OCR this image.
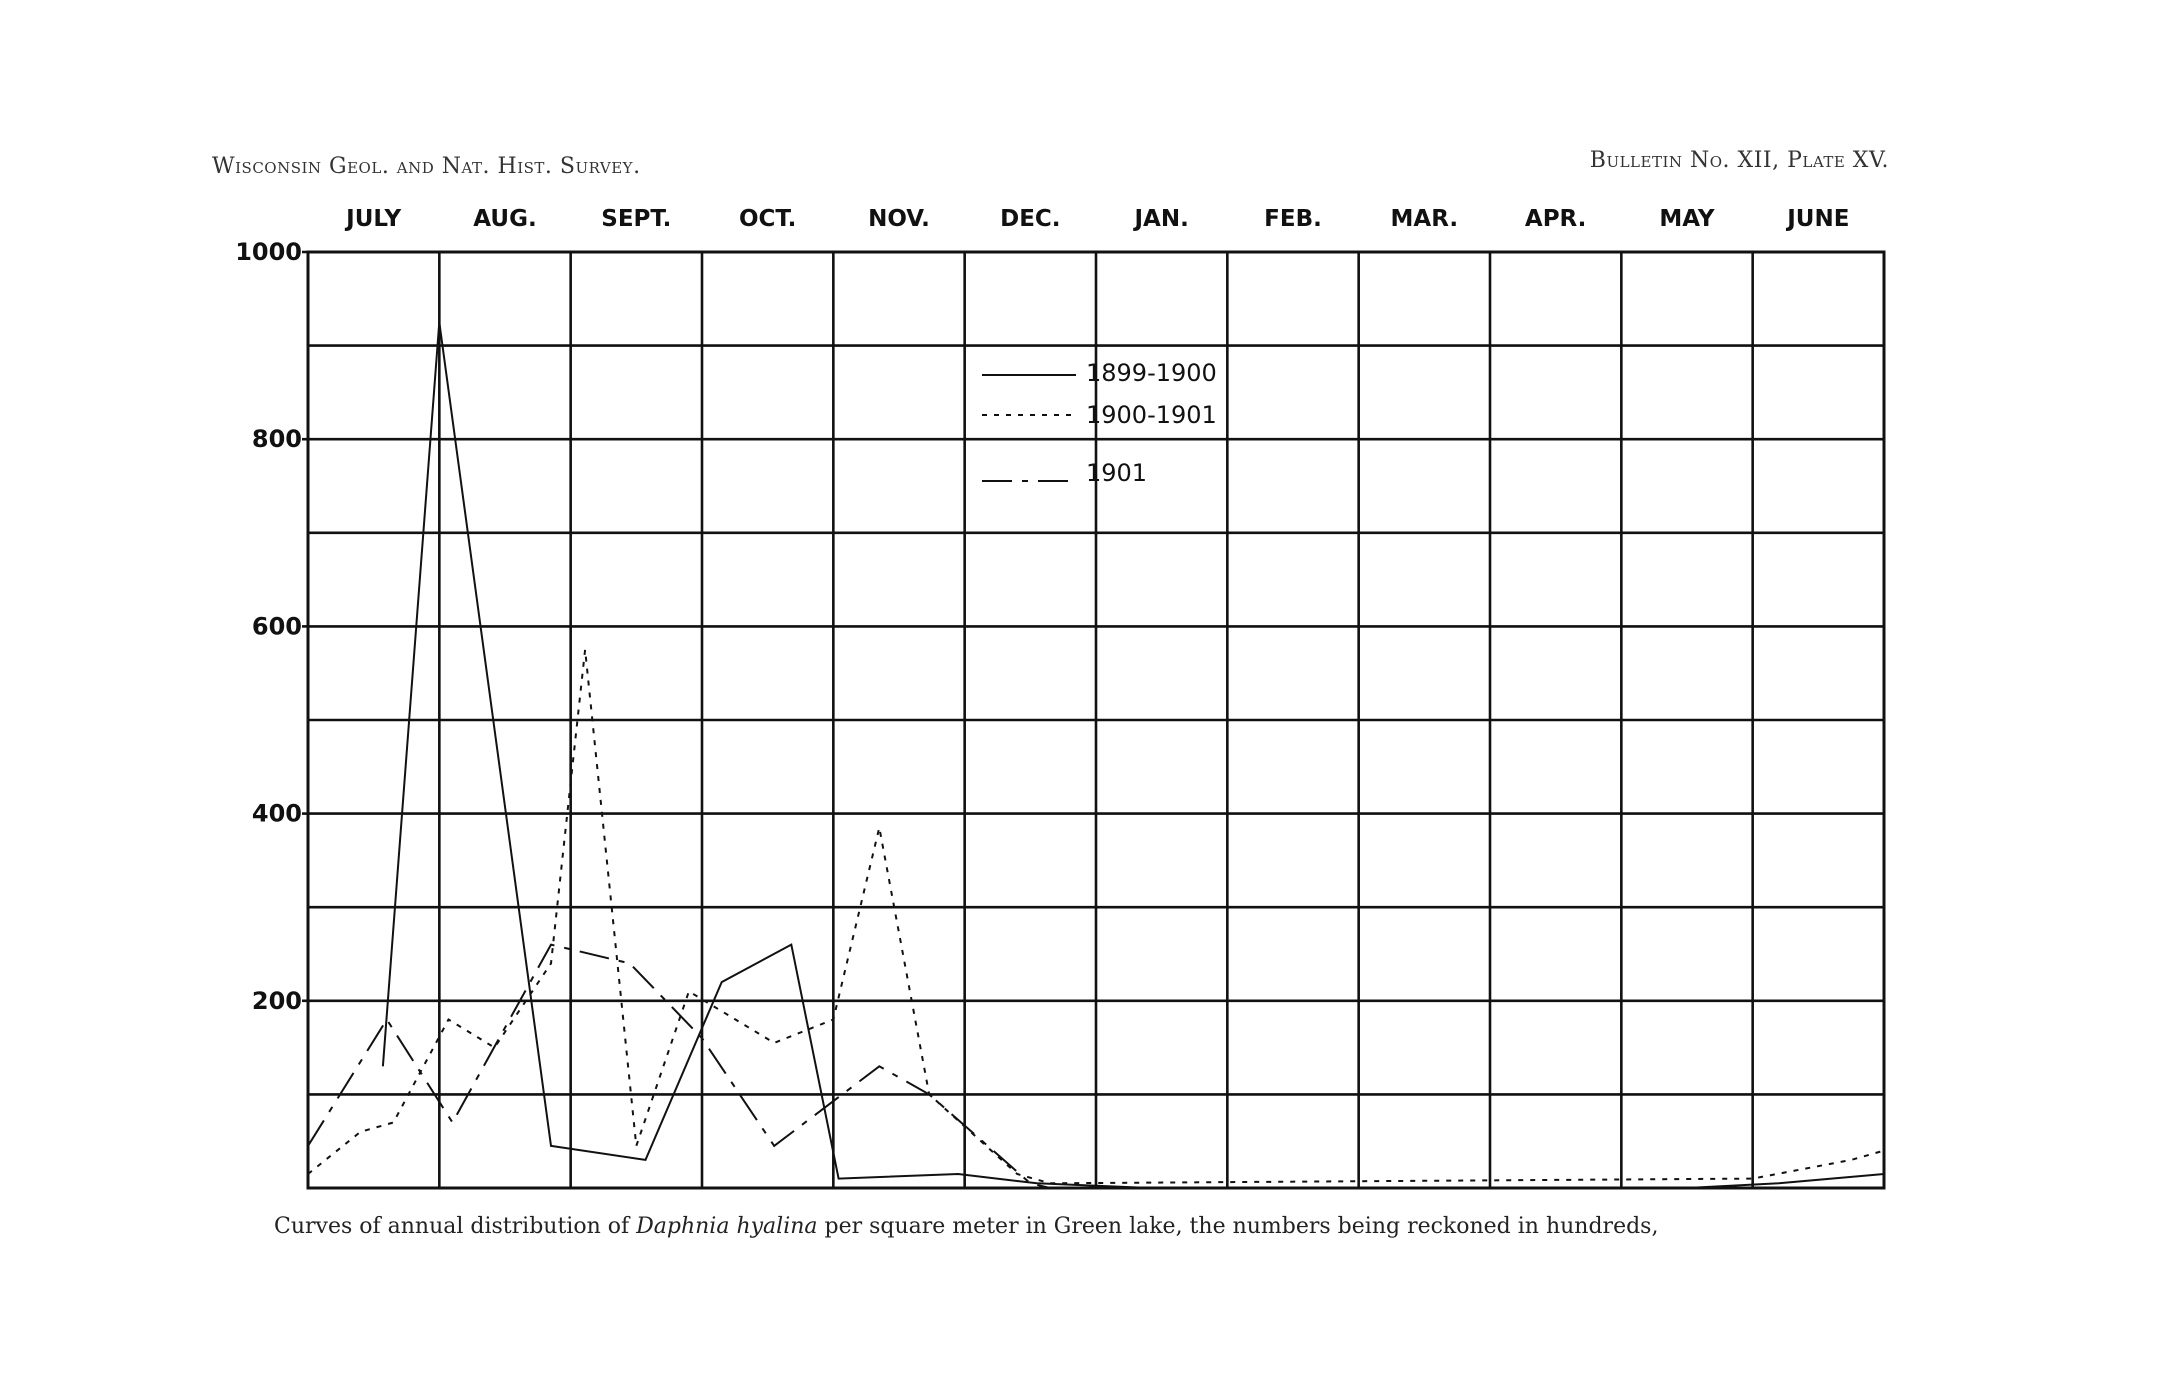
Wisconsin Geol. and Nat. Hist. Survey.	Bulletin No. XII, Plate XV.
JULY	AUG.	SEPT.	OCT.	NOV.	DEC.	JAN.	FEB.	MAR.	APR.	MAY	JUNE
200
400
600
800
1000
1899-1900
1900-1901
1901
Curves of annual distribution of Daphnia hyalina per square meter in Green lake, the numbers being reckoned in hundreds,
